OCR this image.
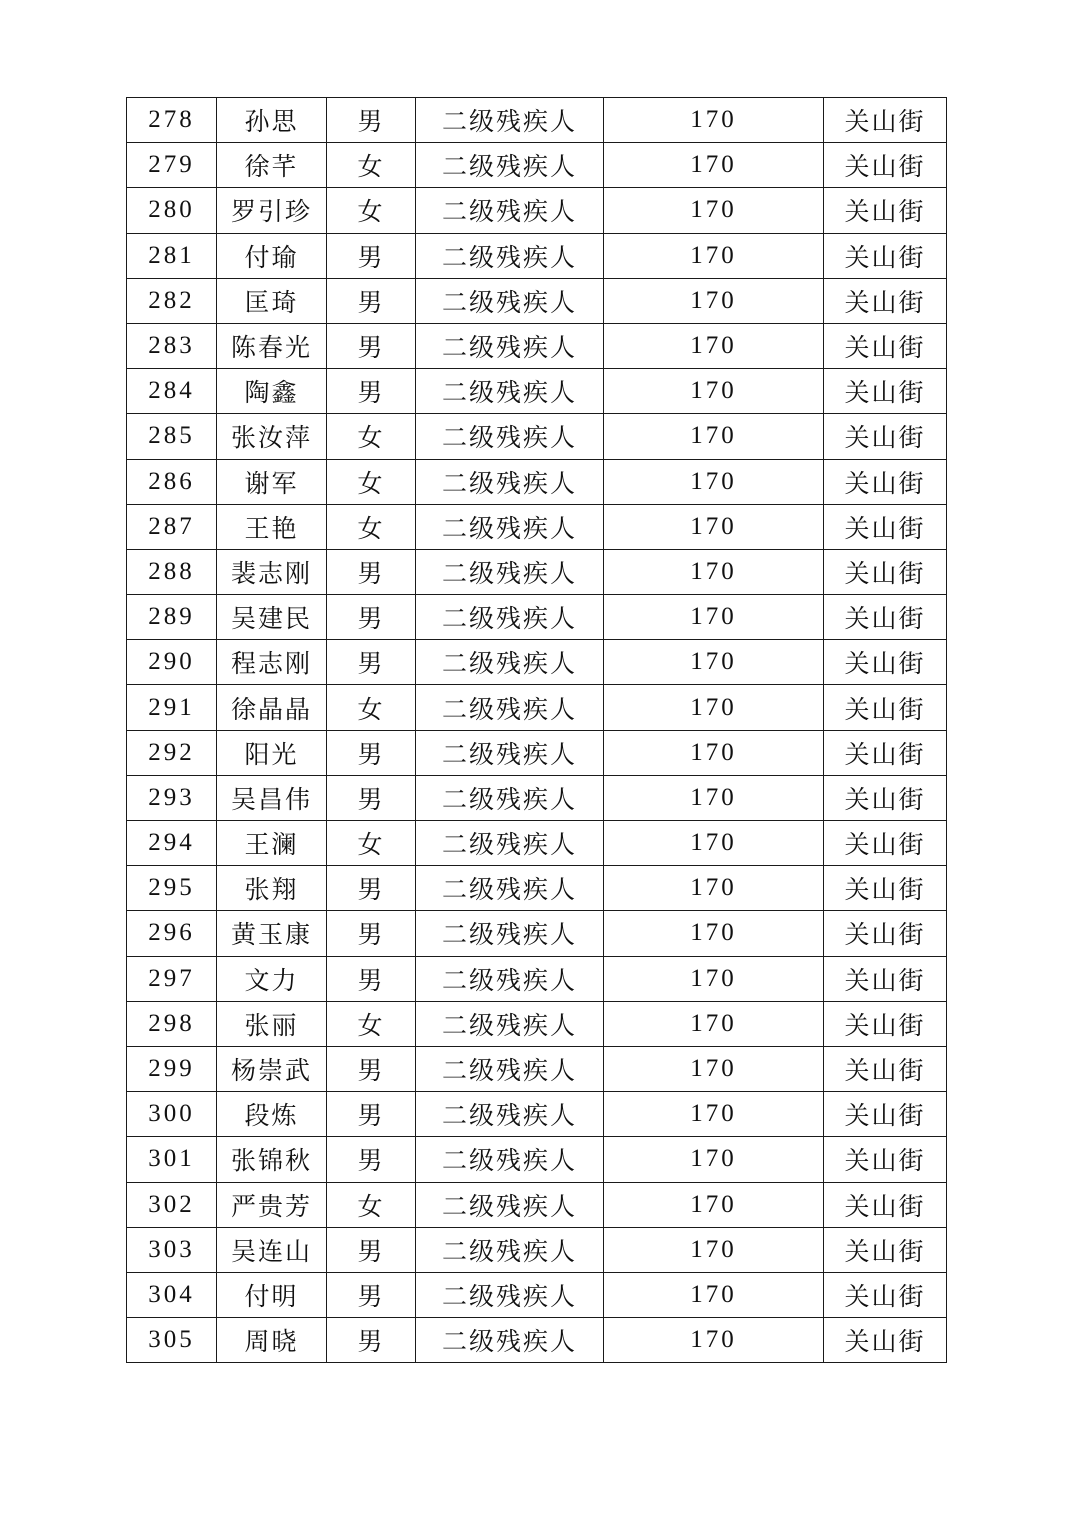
278	孙思	男	二级残疾人	170	关山街
279	徐芊	女	二级残疾人	170	关山街
280	罗引珍	女	二级残疾人	170	关山街
281	付瑜	男	二级残疾人	170	关山街
282	匡琦	男	二级残疾人	170	关山街
283	陈春光	男	二级残疾人	170	关山街
284	陶鑫	男	二级残疾人	170	关山街
285	张汝萍	女	二级残疾人	170	关山街
286	谢军	女	二级残疾人	170	关山街
287	王艳	女	二级残疾人	170	关山街
288	裴志刚	男	二级残疾人	170	关山街
289	吴建民	男	二级残疾人	170	关山街
290	程志刚	男	二级残疾人	170	关山街
291	徐晶晶	女	二级残疾人	170	关山街
292	阳光	男	二级残疾人	170	关山街
293	吴昌伟	男	二级残疾人	170	关山街
294	王澜	女	二级残疾人	170	关山街
295	张翔	男	二级残疾人	170	关山街
296	黄玉康	男	二级残疾人	170	关山街
297	文力	男	二级残疾人	170	关山街
298	张丽	女	二级残疾人	170	关山街
299	杨崇武	男	二级残疾人	170	关山街
300	段炼	男	二级残疾人	170	关山街
301	张锦秋	男	二级残疾人	170	关山街
302	严贵芳	女	二级残疾人	170	关山街
303	吴连山	男	二级残疾人	170	关山街
304	付明	男	二级残疾人	170	关山街
305	周晓	男	二级残疾人	170	关山街
